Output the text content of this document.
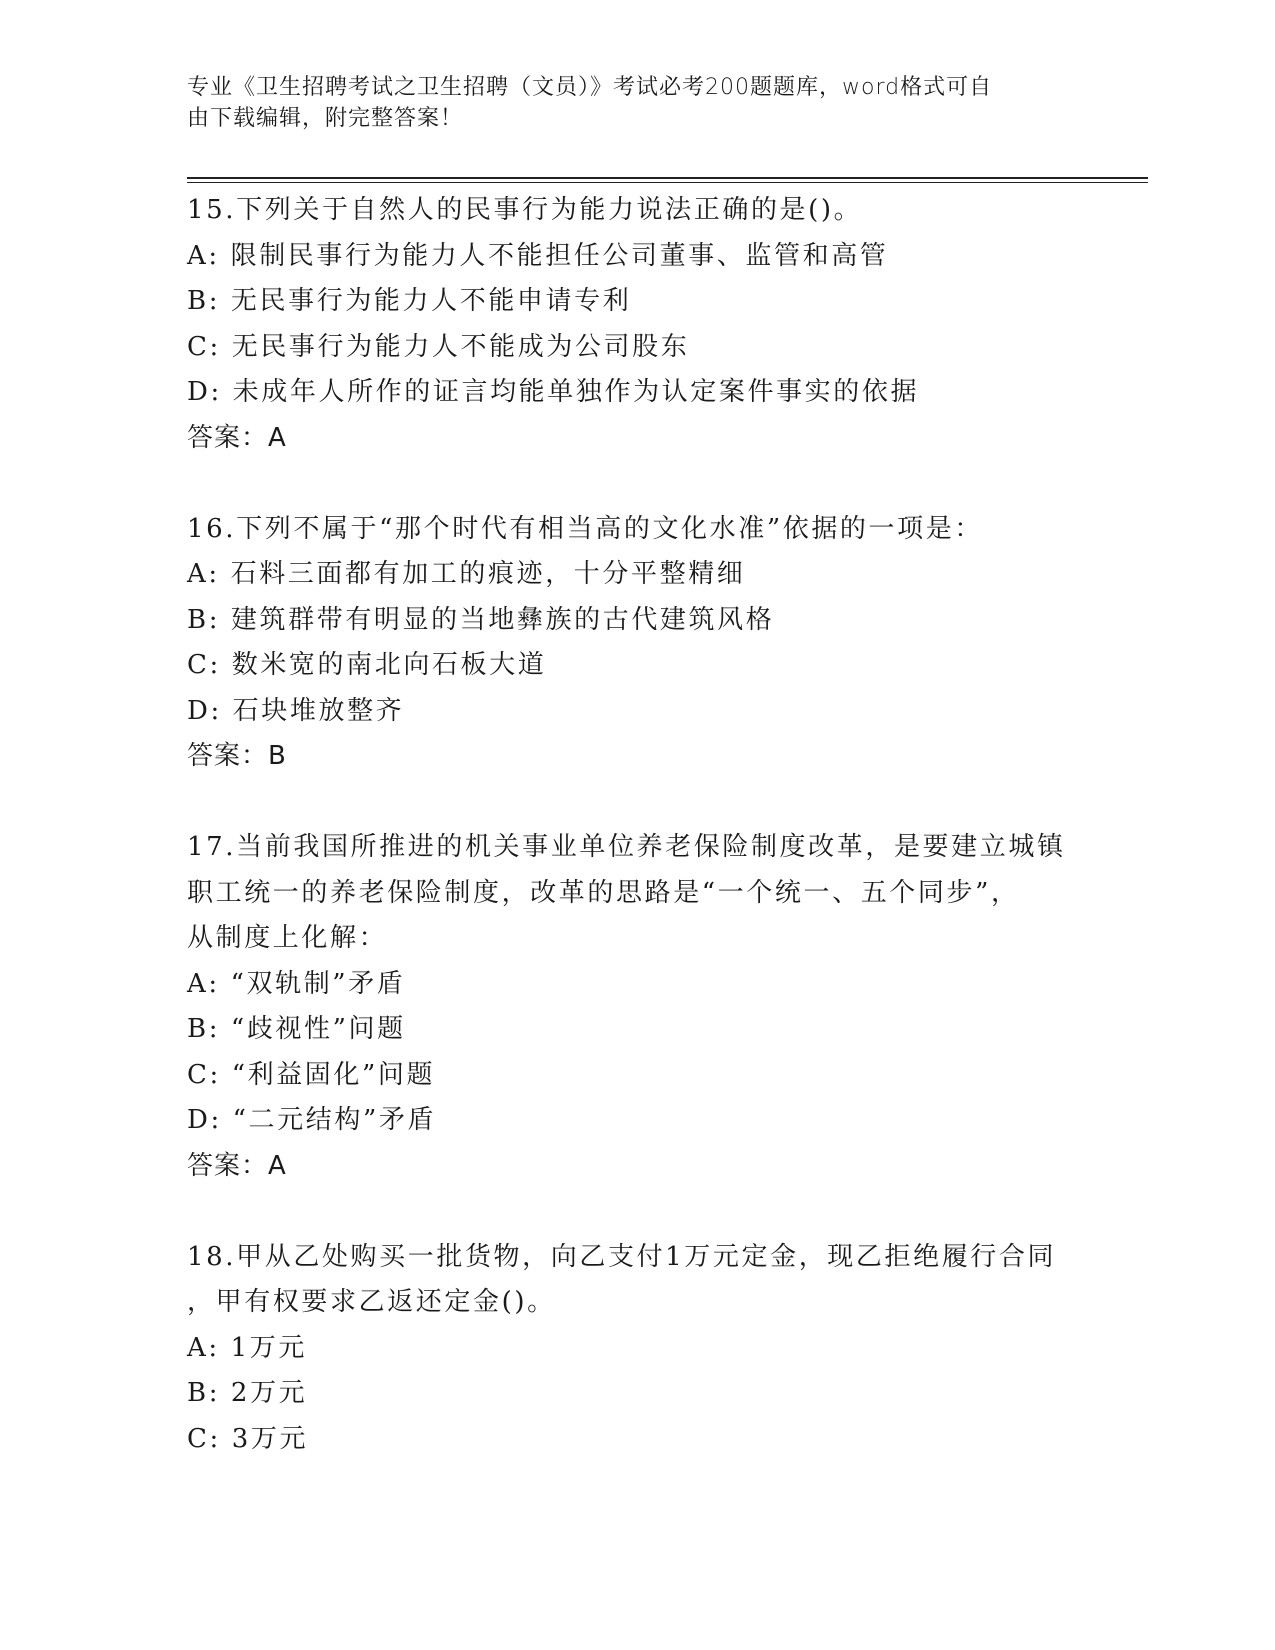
专业《卫生招聘考试之卫生招聘（文员）》考试必考200题题库，word格式可自
由下载编辑，附完整答案！
15.下列关于自然人的民事行为能力说法正确的是()。
A: 限制民事行为能力人不能担任公司董事、监管和高管
B: 无民事行为能力人不能申请专利
C: 无民事行为能力人不能成为公司股东
D: 未成年人所作的证言均能单独作为认定案件事实的依据
答案：A
16.下列不属于“那个时代有相当高的文化水准”依据的一项是：
A: 石料三面都有加工的痕迹，十分平整精细
B: 建筑群带有明显的当地彝族的古代建筑风格
C: 数米宽的南北向石板大道
D: 石块堆放整齐
答案：B
17.当前我国所推进的机关事业单位养老保险制度改革，是要建立城镇
职工统一的养老保险制度，改革的思路是“一个统一、五个同步”，
从制度上化解：
A: “双轨制”矛盾
B: “歧视性”问题
C: “利益固化”问题
D: “二元结构”矛盾
答案：A
18.甲从乙处购买一批货物，向乙支付1万元定金，现乙拒绝履行合同
，甲有权要求乙返还定金()。
A: 1万元
B: 2万元
C: 3万元
